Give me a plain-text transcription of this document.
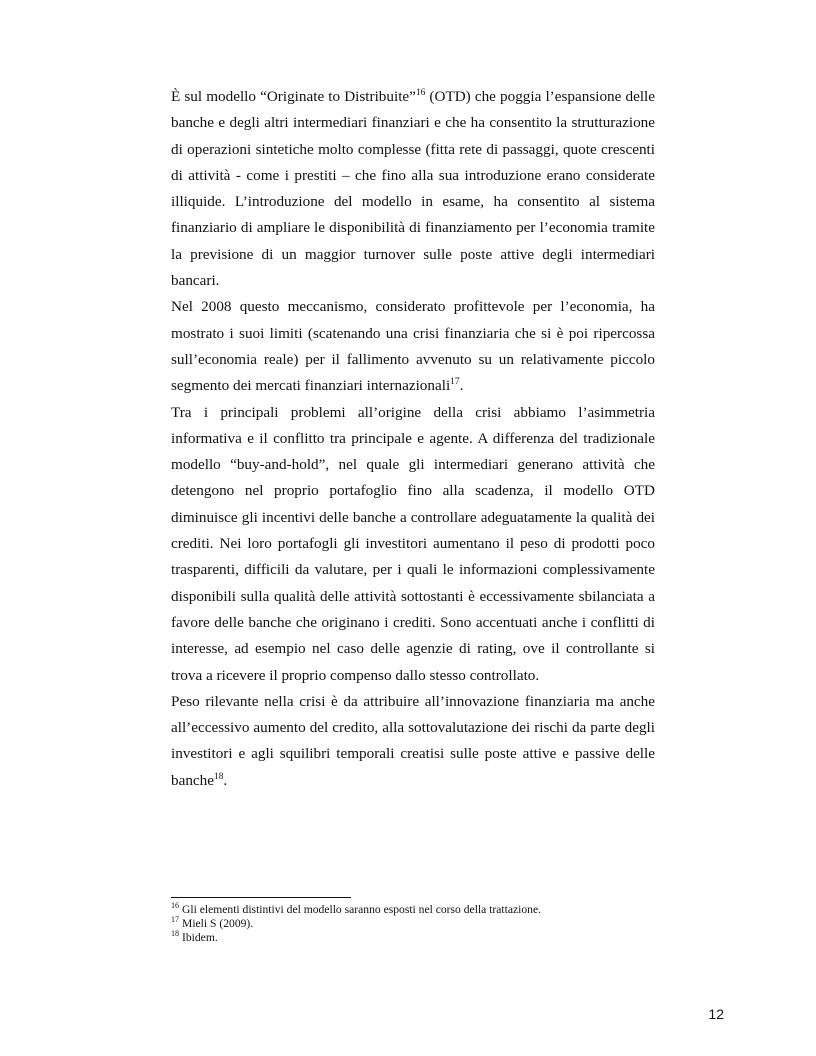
È sul modello “Originate to Distribuite”$^{16}$ (OTD) che poggia l’espansione delle banche e degli altri intermediari finanziari e che ha consentito la strutturazione di operazioni sintetiche molto complesse (fitta rete di passaggi, quote crescenti di attività - come i prestiti – che fino alla sua introduzione erano considerate illiquide. L’introduzione del modello in esame, ha consentito al sistema finanziario di ampliare le disponibilità di finanziamento per l’economia tramite la previsione di un maggior turnover sulle poste attive degli intermediari bancari.

Nel 2008 questo meccanismo, considerato profittevole per l’economia, ha mostrato i suoi limiti (scatenando una crisi finanziaria che si è poi ripercossa sull’economia reale) per il fallimento avvenuto su un relativamente piccolo segmento dei mercati finanziari internazionali$^{17}$.

Tra i principali problemi all’origine della crisi abbiamo l’asimmetria informativa e il conflitto tra principale e agente. A differenza del tradizionale modello “buy-and-hold”, nel quale gli intermediari generano attività che detengono nel proprio portafoglio fino alla scadenza, il modello OTD diminuisce gli incentivi delle banche a controllare adeguatamente la qualità dei crediti. Nei loro portafogli gli investitori aumentano il peso di prodotti poco trasparenti, difficili da valutare, per i quali le informazioni complessivamente disponibili sulla qualità delle attività sottostanti è eccessivamente sbilanciata a favore delle banche che originano i crediti. Sono accentuati anche i conflitti di interesse, ad esempio nel caso delle agenzie di rating, ove il controllante si trova a ricevere il proprio compenso dallo stesso controllato.

Peso rilevante nella crisi è da attribuire all’innovazione finanziaria ma anche all’eccessivo aumento del credito, alla sottovalutazione dei rischi da parte degli investitori e agli squilibri temporali creatisi sulle poste attive e passive delle banche$^{18}$.

$^{16}$ Gli elementi distintivi del modello saranno esposti nel corso della trattazione.

$^{17}$ Mieli S (2009).

$^{18}$ Ibidem.

12
